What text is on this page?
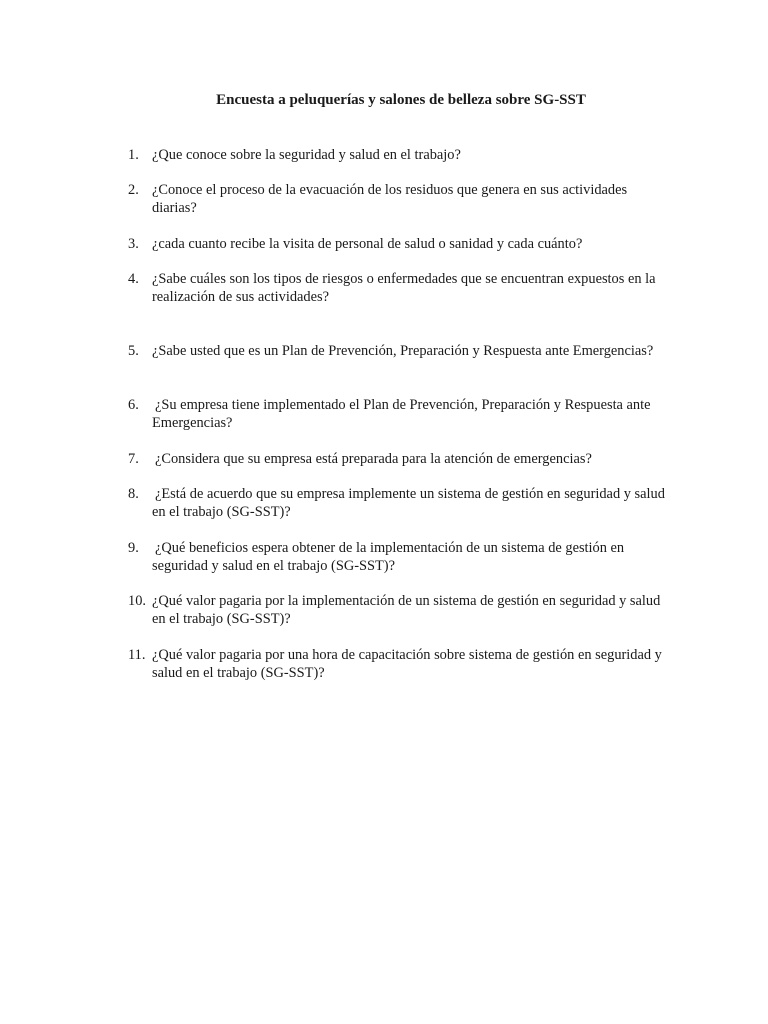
Encuesta a peluquerías y salones de belleza sobre SG-SST
1. ¿Que conoce sobre la seguridad y salud en el trabajo?
2. ¿Conoce el proceso de la evacuación de los residuos que genera en sus actividades diarias?
3. ¿cada cuanto recibe la visita de personal de salud o sanidad y cada cuánto?
4. ¿Sabe cuáles son los tipos de riesgos o enfermedades que se encuentran expuestos en la realización de sus actividades?
5. ¿Sabe usted que es un Plan de Prevención, Preparación y Respuesta ante Emergencias?
6. ¿Su empresa tiene implementado el Plan de Prevención, Preparación y Respuesta ante Emergencias?
7. ¿Considera que su empresa está preparada para la atención de emergencias?
8. ¿Está de acuerdo que su empresa implemente un sistema de gestión en seguridad y salud en el trabajo (SG-SST)?
9. ¿Qué beneficios espera obtener de la implementación de un sistema de gestión en seguridad y salud en el trabajo (SG-SST)?
10. ¿Qué valor pagaria por la implementación de un sistema de gestión en seguridad y salud en el trabajo (SG-SST)?
11. ¿Qué valor pagaria por una hora de capacitación sobre sistema de gestión en seguridad y salud en el trabajo (SG-SST)?
